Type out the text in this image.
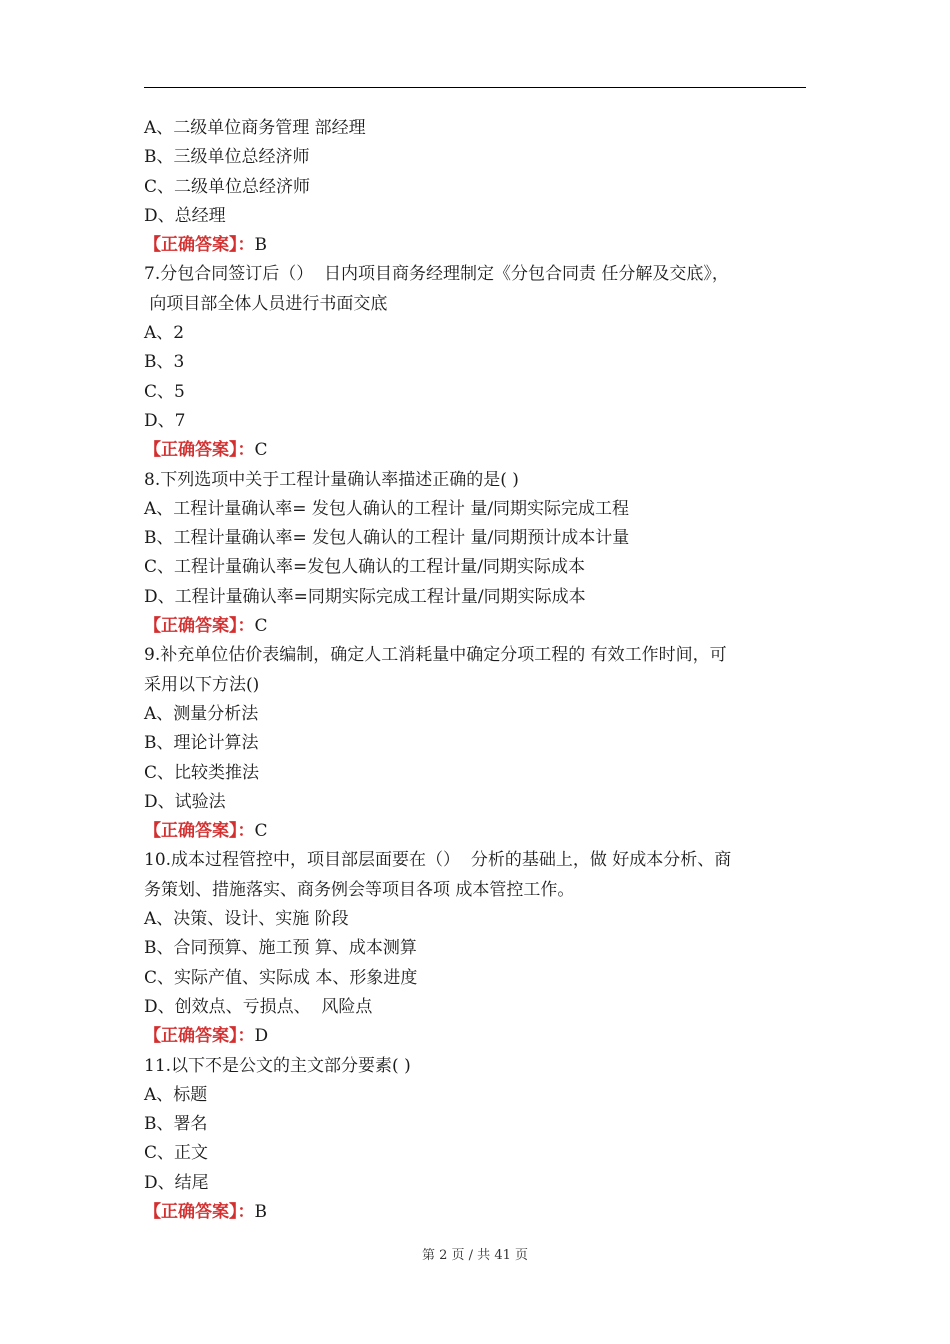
A、二级单位商务管理 部经理
B、三级单位总经济师
C、二级单位总经济师
D、总经理
【正确答案】：B
7.分包合同签订后（）  日内项目商务经理制定《分包合同责 任分解及交底》，
向项目部全体人员进行书面交底
A、2
B、3
C、5
D、7
【正确答案】：C
8.下列选项中关于工程计量确认率描述正确的是( )
A、工程计量确认率= 发包人确认的工程计 量/同期实际完成工程
B、工程计量确认率= 发包人确认的工程计 量/同期预计成本计量
C、工程计量确认率=发包人确认的工程计量/同期实际成本
D、工程计量确认率=同期实际完成工程计量/同期实际成本
【正确答案】：C
9.补充单位估价表编制，确定人工消耗量中确定分项工程的 有效工作时间，可
采用以下方法()
A、测量分析法
B、理论计算法
C、比较类推法
D、试验法
【正确答案】：C
10.成本过程管控中，项目部层面要在（）  分析的基础上，做 好成本分析、商
务策划、措施落实、商务例会等项目各项 成本管控工作。
A、决策、设计、实施 阶段
B、合同预算、施工预 算、成本测算
C、实际产值、实际成 本、形象进度
D、创效点、亏损点、  风险点
【正确答案】：D
11.以下不是公文的主文部分要素( )
A、标题
B、署名
C、正文
D、结尾
【正确答案】：B
第 2 页 / 共 41 页
